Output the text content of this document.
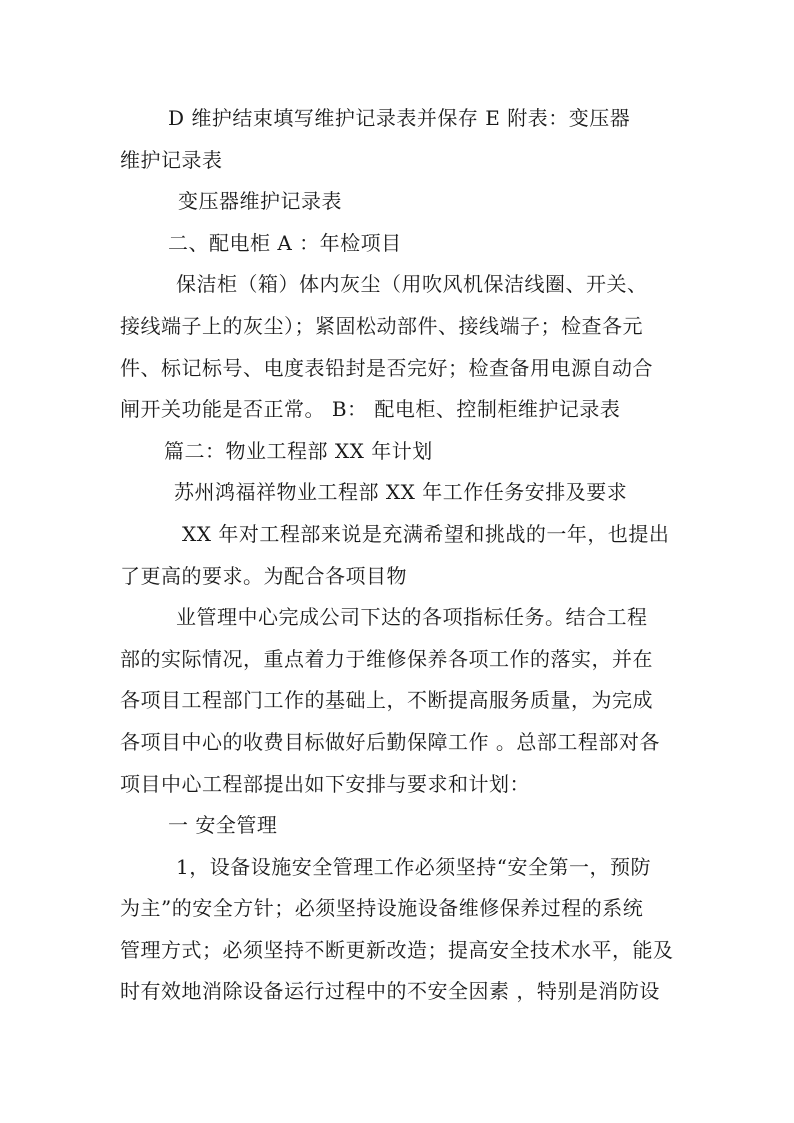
D 维护结束填写维护记录表并保存 E 附表：变压器
维护记录表
变压器维护记录表
二、配电柜 A ：年检项目
保洁柜（箱）体内灰尘（用吹风机保洁线圈、开关、
接线端子上的灰尘）；紧固松动部件、接线端子；检查各元
件、标记标号、电度表铅封是否完好；检查备用电源自动合
闸开关功能是否正常。 B： 配电柜、控制柜维护记录表
篇二：物业工程部 XX 年计划
苏州鸿福祥物业工程部 XX 年工作任务安排及要求
XX 年对工程部来说是充满希望和挑战的一年，也提出
了更高的要求。为配合各项目物
业管理中心完成公司下达的各项指标任务。结合工程
部的实际情况，重点着力于维修保养各项工作的落实，并在
各项目工程部门工作的基础上，不断提高服务质量，为完成
各项目中心的收费目标做好后勤保障工作 。总部工程部对各
项目中心工程部提出如下安排与要求和计划：
一 安全管理
1，设备设施安全管理工作必须坚持“安全第一，预防
为主”的安全方针；必须坚持设施设备维修保养过程的系统
管理方式；必须坚持不断更新改造；提高安全技术水平，能及
时有效地消除设备运行过程中的不安全因素 ，特别是消防设
